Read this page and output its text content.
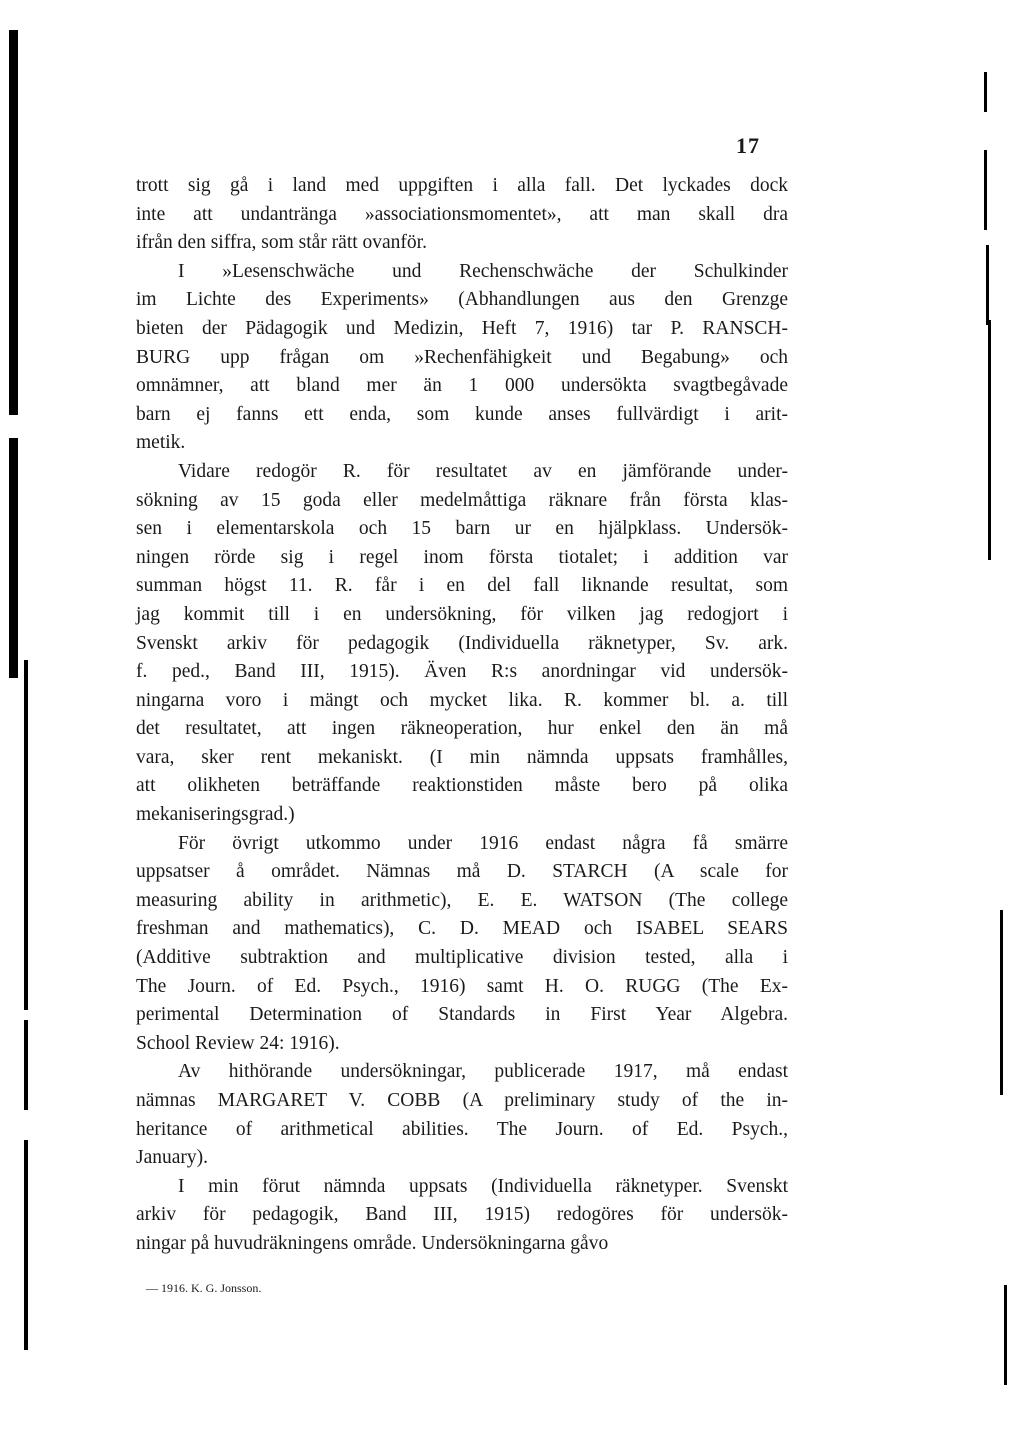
17
trott sig gå i land med uppgiften i alla fall. Det lyckades dock
inte att undantränga »associationsmomentet», att man skall dra
ifrån den siffra, som står rätt ovanför.
I »Lesenschwäche und Rechenschwäche der Schulkinder
im Lichte des Experiments» (Abhandlungen aus den Grenzge
bieten der Pädagogik und Medizin, Heft 7, 1916) tar P. RANSCH-
BURG upp frågan om »Rechenfähigkeit und Begabung» och
omnämner, att bland mer än 1 000 undersökta svagtbegåvade
barn ej fanns ett enda, som kunde anses fullvärdigt i arit-
metik.
Vidare redogör R. för resultatet av en jämförande under-
sökning av 15 goda eller medelmåttiga räknare från första klas-
sen i elementarskola och 15 barn ur en hjälpklass. Undersök-
ningen rörde sig i regel inom första tiotalet; i addition var
summan högst 11. R. får i en del fall liknande resultat, som
jag kommit till i en undersökning, för vilken jag redogjort i
Svenskt arkiv för pedagogik (Individuella räknetyper, Sv. ark.
f. ped., Band III, 1915). Även R:s anordningar vid undersök-
ningarna voro i mängt och mycket lika. R. kommer bl. a. till
det resultatet, att ingen räkneoperation, hur enkel den än må
vara, sker rent mekaniskt. (I min nämnda uppsats framhålles,
att olikheten beträffande reaktionstiden måste bero på olika
mekaniseringsgrad.)
För övrigt utkommo under 1916 endast några få smärre
uppsatser å området. Nämnas må D. STARCH (A scale for
measuring ability in arithmetic), E. E. WATSON (The college
freshman and mathematics), C. D. MEAD och ISABEL SEARS
(Additive subtraktion and multiplicative division tested, alla i
The Journ. of Ed. Psych., 1916) samt H. O. RUGG (The Ex-
perimental Determination of Standards in First Year Algebra.
School Review 24: 1916).
Av hithörande undersökningar, publicerade 1917, må endast
nämnas MARGARET V. COBB (A preliminary study of the in-
heritance of arithmetical abilities. The Journ. of Ed. Psych.,
January).
I min förut nämnda uppsats (Individuella räknetyper. Svenskt
arkiv för pedagogik, Band III, 1915) redogöres för undersök-
ningar på huvudräkningens område. Undersökningarna gåvo
— 1916. K. G. Jonsson.
